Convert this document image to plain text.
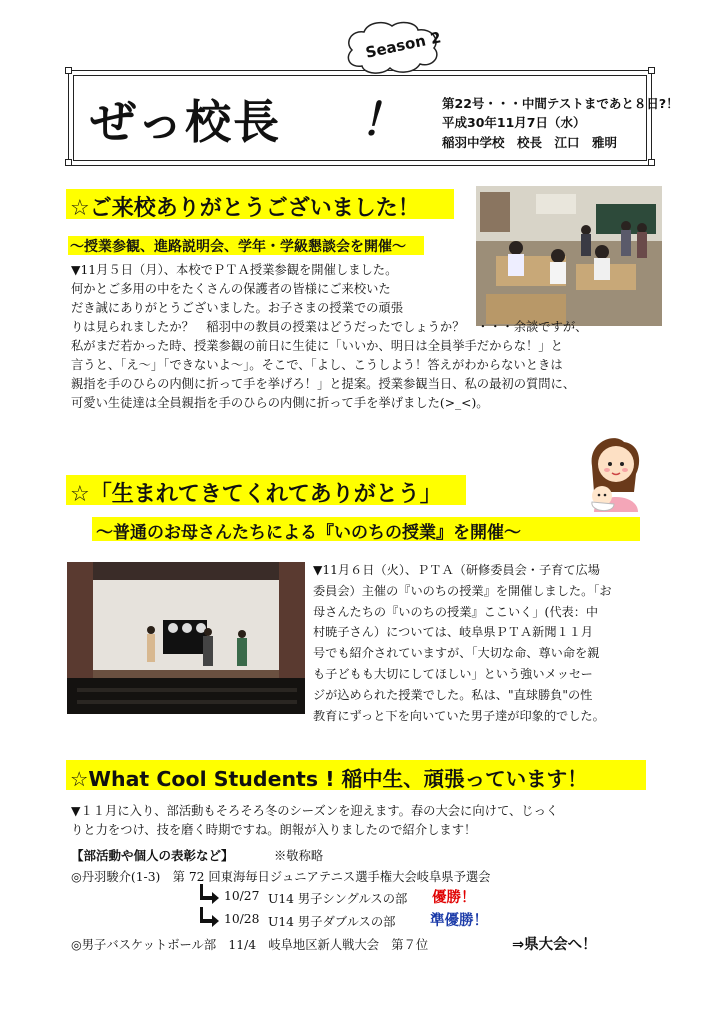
ぜっ校長 ！
Season 2
第22号・・・中間テストまであと８日?！
平成30年11月7日（水）
稲羽中学校　校長　江口　雅明
☆ご来校ありがとうございました！
～授業参観、進路説明会、学年・学級懇談会を開催～
▼11月５日（月）、本校でＰＴＡ授業参観を開催しました。
何かとご多用の中をたくさんの保護者の皆様にご来校いた
だき誠にありがとうございました。お子さまの授業での頑張
りは見られましたか？　稲羽中の教員の授業はどうだったでしょうか？　・・・余談ですが、
私がまだ若かった時、授業参観の前日に生徒に「いいか、明日は全員挙手だからな！」と
言うと、「え～」「できないよ～」。そこで、「よし、こうしよう！答えがわからないときは
親指を手のひらの内側に折って手を挙げろ！」と提案。授業参観当日、私の最初の質問に、
可愛い生徒達は全員親指を手のひらの内側に折って手を挙げました(>_<)。
☆「生まれてきてくれてありがとう」
～普通のお母さんたちによる『いのちの授業』を開催～
▼11月６日（火）、ＰＴＡ（研修委員会・子育て広場
委員会）主催の『いのちの授業』を開催しました。「お
母さんたちの『いのちの授業』ここいく」(代表：中
村暁子さん）については、岐阜県ＰＴＡ新聞１１月
号でも紹介されていますが、「大切な命、尊い命を親
も子どもも大切にしてほしい」という強いメッセー
ジが込められた授業でした。私は、"直球勝負"の性
教育にずっと下を向いていた男子達が印象的でした。
☆What Cool Students ! 稲中生、頑張っています！
▼１１月に入り、部活動もそろそろ冬のシーズンを迎えます。春の大会に向けて、じっく
りと力をつけ、技を磨く時期ですね。朗報が入りましたので紹介します！
【部活動や個人の表彰など】	※敬称略
◎丹羽駿介(1-3)　第 72 回東海毎日ジュニアテニス選手権大会岐阜県予選会
10/27 U14 男子シングルスの部 優勝！
10/28 U14 男子ダブルスの部 準優勝！
◎男子バスケットボール部　11/4　岐阜地区新人戦大会　第７位	⇒県大会へ！
